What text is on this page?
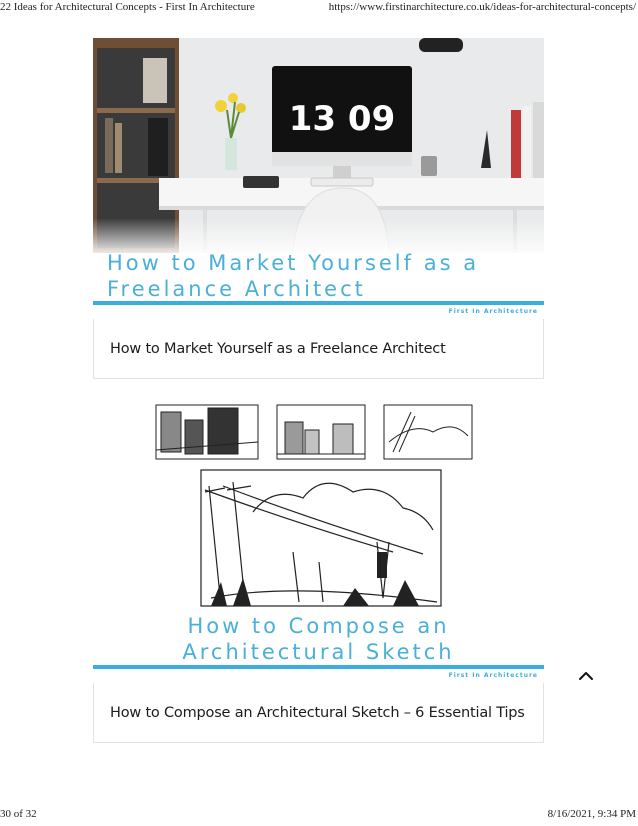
22 Ideas for Architectural Concepts - First In Architecture	https://www.firstinarchitecture.co.uk/ideas-for-architectural-concepts/
13 09
How to Market Yourself as a
Freelance Architect
First In Architecture
How to Market Yourself as a Freelance Architect
How to Compose an
Architectural Sketch
First In Architecture
How to Compose an Architectural Sketch – 6 Essential Tips
30 of 32	8/16/2021, 9:34 PM
